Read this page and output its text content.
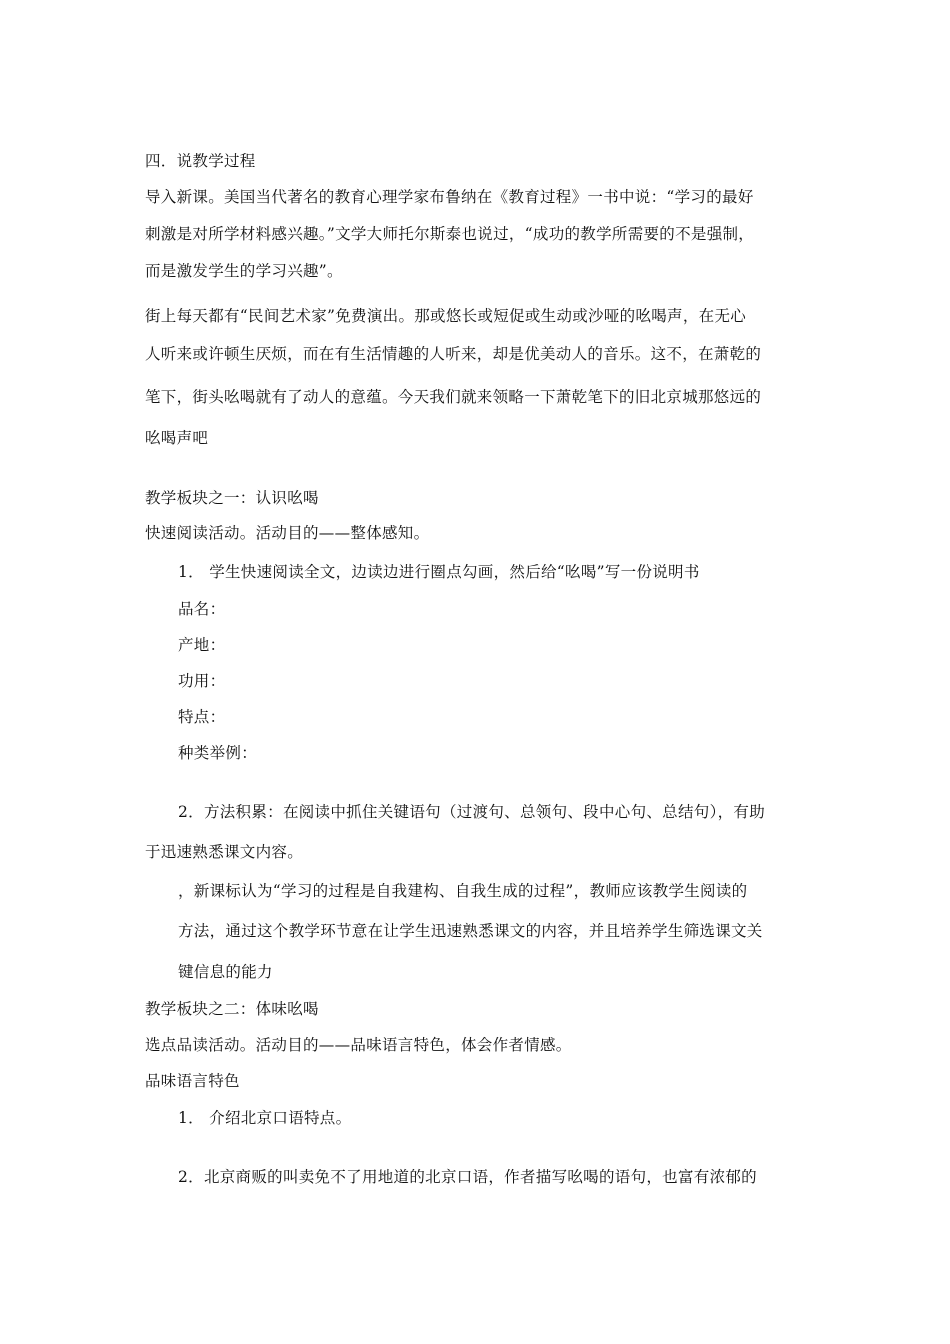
四．说教学过程
导入新课。美国当代著名的教育心理学家布鲁纳在《教育过程》一书中说：“学习的最好
刺激是对所学材料感兴趣。”文学大师托尔斯泰也说过，“成功的教学所需要的不是强制，
而是激发学生的学习兴趣”。
街上每天都有“民间艺术家”免费演出。那或悠长或短促或生动或沙哑的吆喝声，在无心
人听来或许顿生厌烦，而在有生活情趣的人听来，却是优美动人的音乐。这不，在萧乾的
笔下，街头吆喝就有了动人的意蕴。今天我们就来领略一下萧乾笔下的旧北京城那悠远的
吆喝声吧
教学板块之一：认识吆喝
快速阅读活动。活动目的——整体感知。
1． 学生快速阅读全文，边读边进行圈点勾画，然后给“吆喝”写一份说明书
品名：
产地：
功用：
特点：
种类举例：
2．方法积累：在阅读中抓住关键语句（过渡句、总领句、段中心句、总结句），有助
于迅速熟悉课文内容。
，新课标认为“学习的过程是自我建构、自我生成的过程”，教师应该教学生阅读的
方法，通过这个教学环节意在让学生迅速熟悉课文的内容，并且培养学生筛选课文关
键信息的能力
教学板块之二：体味吆喝
选点品读活动。活动目的——品味语言特色，体会作者情感。
品味语言特色
1． 介绍北京口语特点。
2．北京商贩的叫卖免不了用地道的北京口语，作者描写吆喝的语句，也富有浓郁的
